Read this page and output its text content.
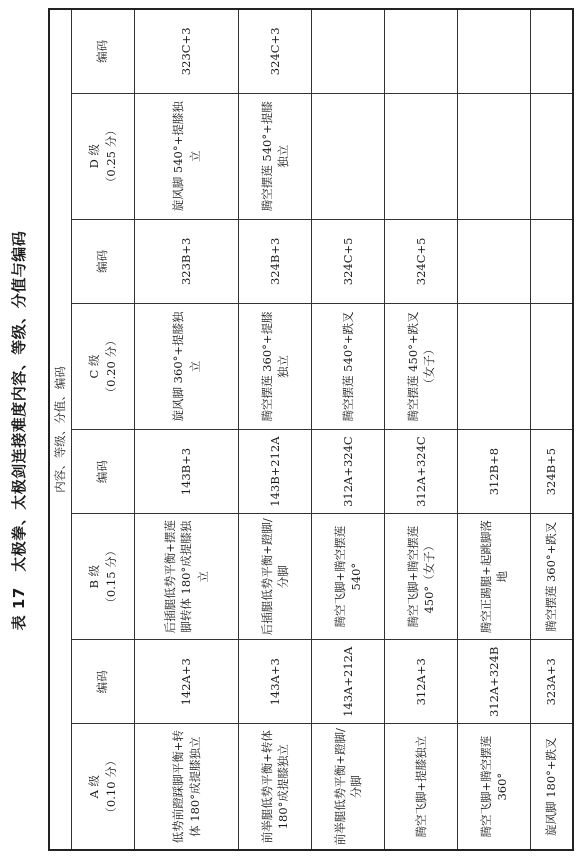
表 17　太极拳、太极剑连接难度内容、等级、分值与编码	内容、等级、分值、编码							

A 级 （0.10 分）	编码	B 级 （0.15 分）	编码	C 级 （0.20 分）	编码	D 级 （0.25 分）	编码
低势前蹬踩脚平衡+转体 180°成提膝独立	142A+3	后插腿低势平衡+摆莲脚转体 180°成提膝独立	143B+3	旋风脚 360°+提膝独立	323B+3	旋风脚 540°+提膝独立	323C+3
前举腿低势平衡+转体 180°成提膝独立	143A+3	后插腿低势平衡+蹬脚/分脚	143B+212A	腾空摆莲 360°+提膝独立	324B+3	腾空摆莲 540°+提膝独立	324C+3
前举腿低势平衡+蹬脚/分脚	143A+212A	腾空飞脚+腾空摆莲 540°	312A+324C	腾空摆莲 540°+跌叉	324C+5		
腾空飞脚+提膝独立	312A+3	腾空飞脚+腾空摆莲 450°（女子）	312A+324C	腾空摆莲 450°+跌叉（女子）	324C+5		
腾空飞脚+腾空摆莲 360°	312A+324B	腾空正踢腿+起跳脚落地	312B+8				
旋风脚 180°+跌叉	323A+3	腾空摆莲 360°+跌叉	324B+5				
